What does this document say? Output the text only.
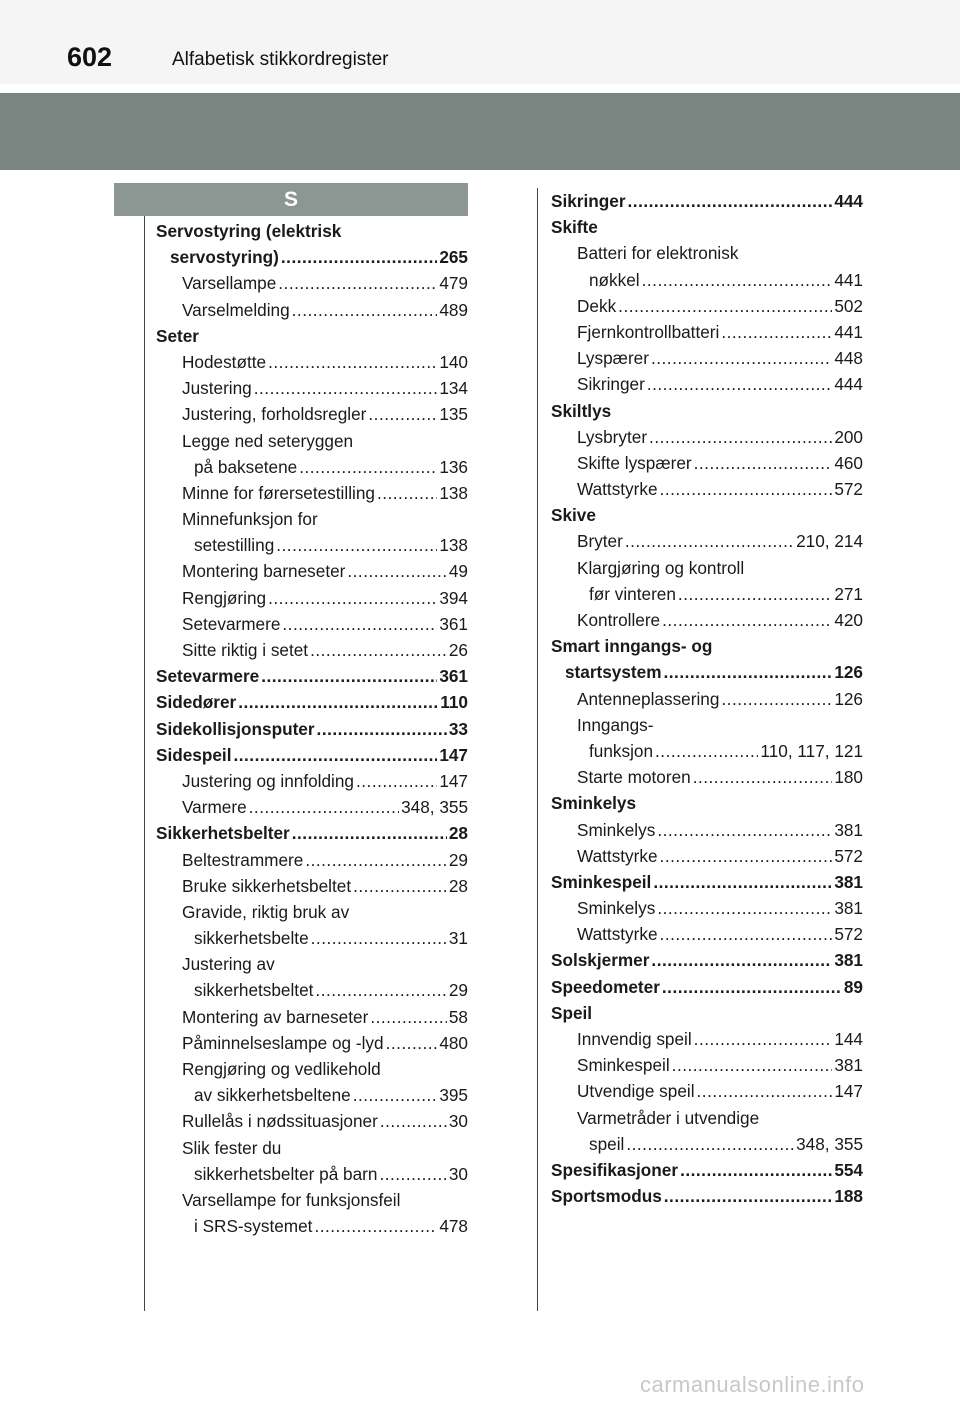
602	Alfabetisk stikkordregister
S
Servostyring (elektrisk
servostyring) .....	265
Varsellampe .....	479
Varselmelding .....	489
Seter
Hodestøtte .....	140
Justering .....	134
Justering, forholdsregler .....	135
Legge ned seteryggen
på baksetene .....	136
Minne for førersetestilling .....	138
Minnefunksjon for
setestilling .....	138
Montering barneseter .....	49
Rengjøring .....	394
Setevarmere .....	361
Sitte riktig i setet .....	26
Setevarmere .....	361
Sidedører .....	110
Sidekollisjonsputer .....	33
Sidespeil .....	147
Justering og innfolding .....	147
Varmere .....	348, 355
Sikkerhetsbelter .....	28
Beltestrammere .....	29
Bruke sikkerhetsbeltet .....	28
Gravide, riktig bruk av
sikkerhetsbelte .....	31
Justering av
sikkerhetsbeltet .....	29
Montering av barneseter .....	58
Påminnelseslampe og -lyd .....	480
Rengjøring og vedlikehold
av sikkerhetsbeltene .....	395
Rullelås i nødssituasjoner .....	30
Slik fester du
sikkerhetsbelter på barn .....	30
Varsellampe for funksjonsfeil
i SRS-systemet .....	478
Sikringer .....	444
Skifte
Batteri for elektronisk
nøkkel .....	441
Dekk .....	502
Fjernkontrollbatteri .....	441
Lyspærer .....	448
Sikringer .....	444
Skiltlys
Lysbryter .....	200
Skifte lyspærer .....	460
Wattstyrke .....	572
Skive
Bryter .....	210, 214
Klargjøring og kontroll
før vinteren .....	271
Kontrollere .....	420
Smart inngangs- og
startsystem .....	126
Antenneplassering .....	126
Inngangs-
funksjon .....	110, 117, 121
Starte motoren .....	180
Sminkelys
Sminkelys .....	381
Wattstyrke .....	572
Sminkespeil .....	381
Sminkelys .....	381
Wattstyrke .....	572
Solskjermer .....	381
Speedometer .....	89
Speil
Innvendig speil .....	144
Sminkespeil .....	381
Utvendige speil .....	147
Varmetråder i utvendige
speil .....	348, 355
Spesifikasjoner .....	554
Sportsmodus .....	188
carmanualsonline.info
